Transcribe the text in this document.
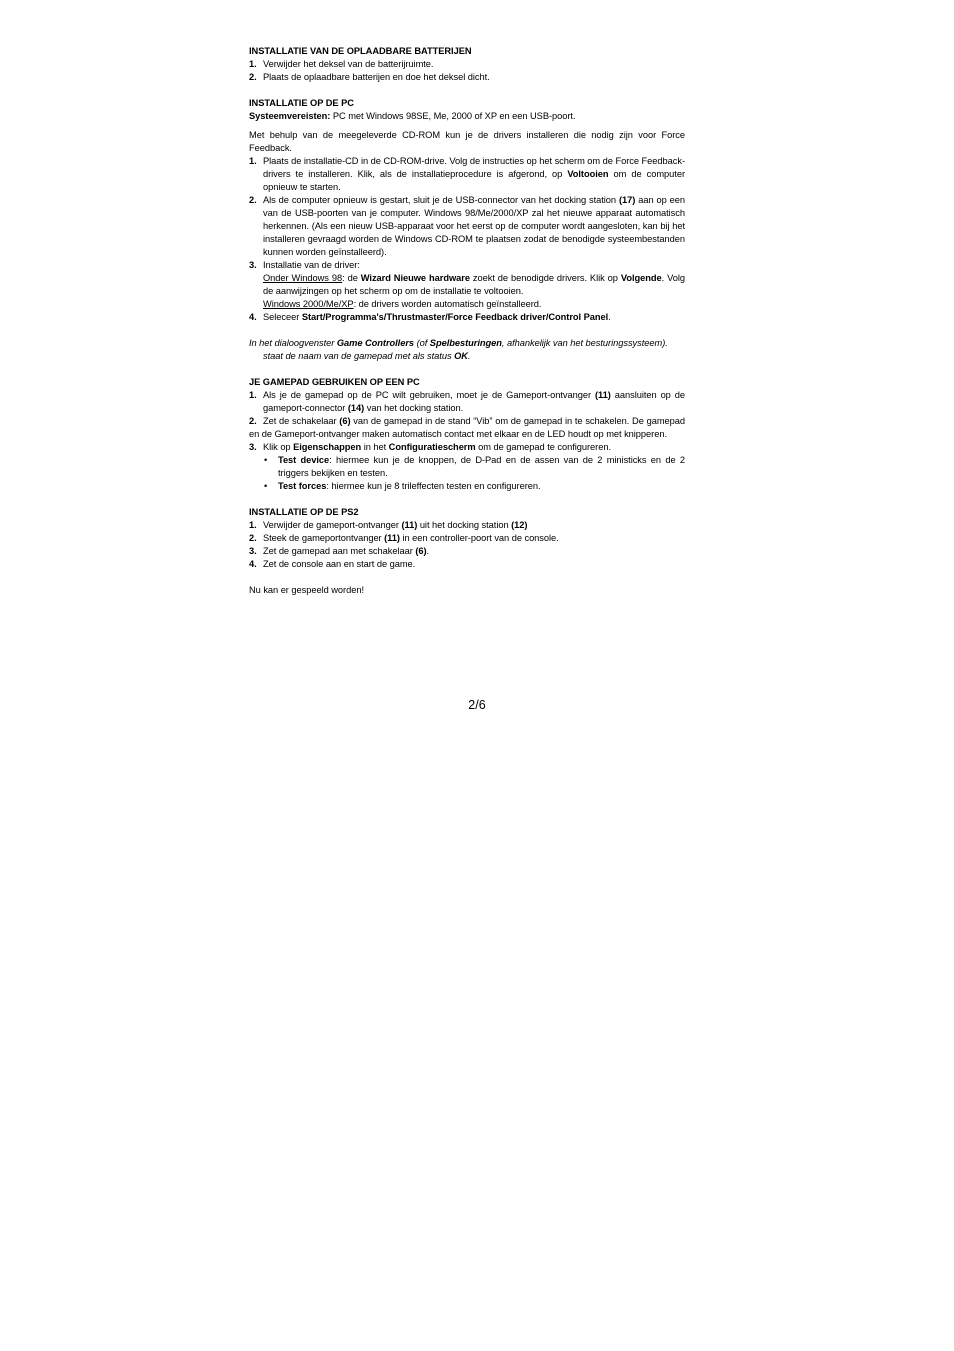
INSTALLATIE VAN DE OPLAADBARE BATTERIJEN

1. Verwijder het deksel van de batterijruimte.
2. Plaats de oplaadbare batterijen en doe het deksel dicht.

INSTALLATIE OP DE PC

Systeemvereisten: PC met Windows 98SE, Me, 2000 of XP en een USB-poort.

Met behulp van de meegeleverde CD-ROM kun je de drivers installeren die nodig zijn voor Force Feedback.

1. Plaats de installatie-CD in de CD-ROM-drive. Volg de instructies op het scherm om de Force Feedback-drivers te installeren. Klik, als de installatieprocedure is afgerond, op Voltooien om de computer opnieuw te starten.
2. Als de computer opnieuw is gestart, sluit je de USB-connector van het docking station (17) aan op een van de USB-poorten van je computer. Windows 98/Me/2000/XP zal het nieuwe apparaat automatisch herkennen. (Als een nieuw USB-apparaat voor het eerst op de computer wordt aangesloten, kan bij het installeren gevraagd worden de Windows CD-ROM te plaatsen zodat de benodigde systeembestanden kunnen worden geïnstalleerd).
3. Installatie van de driver:
Onder Windows 98: de Wizard Nieuwe hardware zoekt de benodigde drivers. Klik op Volgende. Volg de aanwijzingen op het scherm op om de installatie te voltooien.
Windows 2000/Me/XP: de drivers worden automatisch geïnstalleerd.
4. Seleceer Start/Programma's/Thrustmaster/Force Feedback driver/Control Panel.

In het dialoogvenster Game Controllers (of Spelbesturingen, afhankelijk van het besturingssysteem).
staat de naam van de gamepad met als status OK.

JE GAMEPAD GEBRUIKEN OP EEN PC

1. Als je de gamepad op de PC wilt gebruiken, moet je de Gameport-ontvanger (11) aansluiten op de gameport-connector (14) van het docking station.
2. Zet de schakelaar (6) van de gamepad in de stand “Vib” om de gamepad in te schakelen. De gamepad en de Gameport-ontvanger maken automatisch contact met elkaar en de LED houdt op met knipperen.
3. Klik op Eigenschappen in het Configuratiescherm om de gamepad te configureren.
• Test device: hiermee kun je de knoppen, de D-Pad en de assen van de 2 ministicks en de 2 triggers bekijken en testen.
• Test forces: hiermee kun je 8 trileffecten testen en configureren.

INSTALLATIE OP DE PS2

1. Verwijder de gameport-ontvanger (11) uit het docking station (12)
2. Steek de gameportontvanger (11) in een controller-poort van de console.
3. Zet de gamepad aan met schakelaar (6).
4. Zet de console aan en start de game.

Nu kan er gespeeld worden!

2/6
